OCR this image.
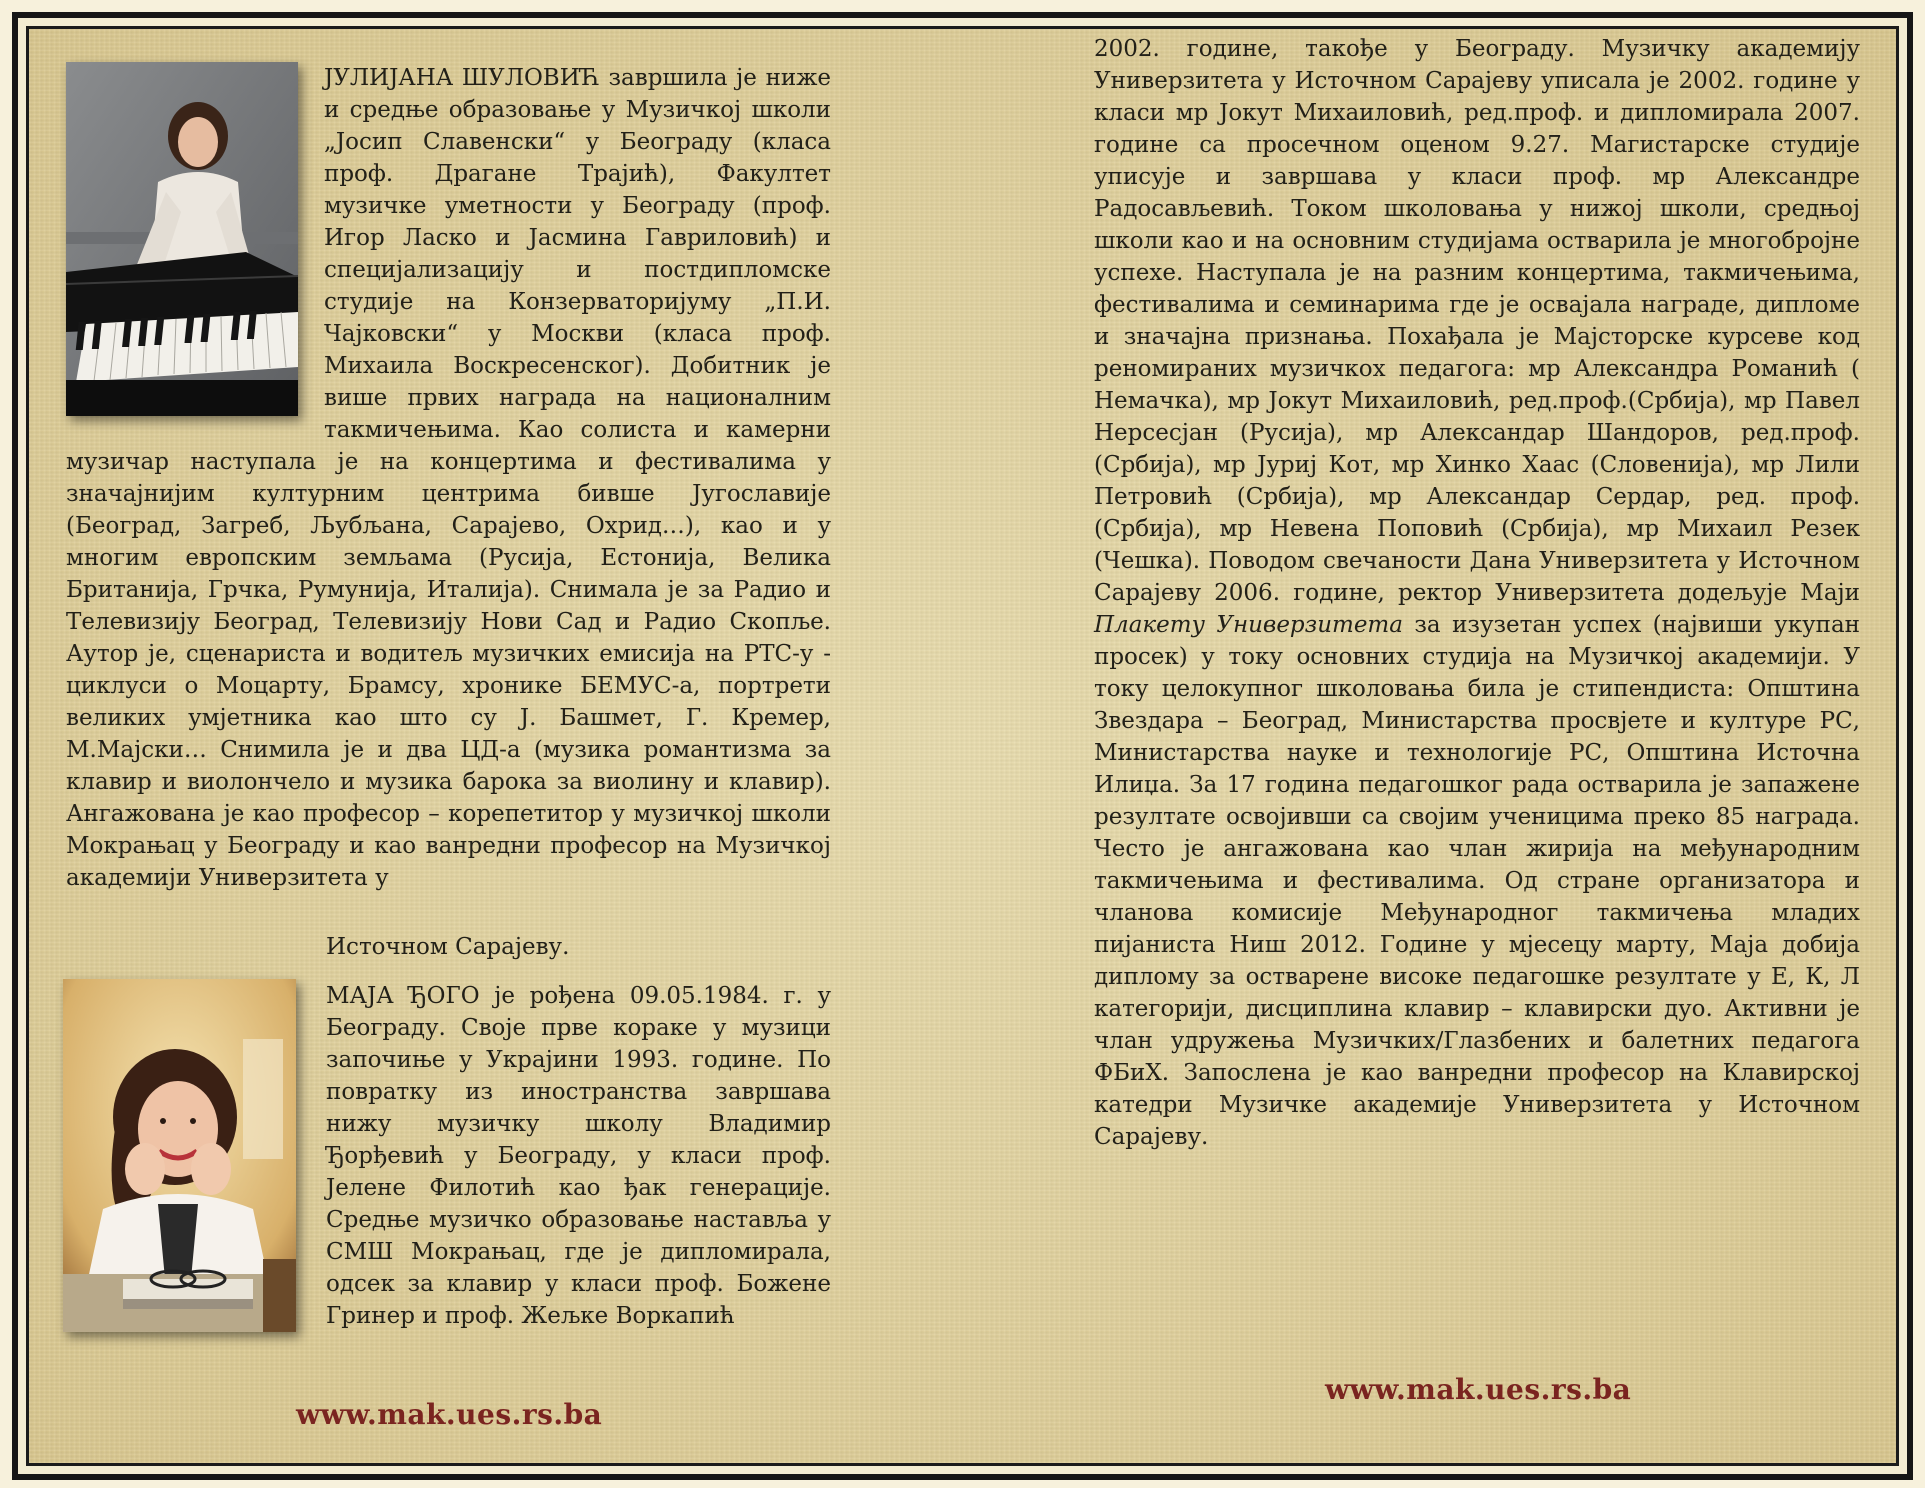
ЈУЛИЈАНА ШУЛОВИЋ завршила је ниже и средње образовање у Музичкој школи „Јосип Славенски“ у Београду (класа проф. Драгане Трајић), Факултет музичке уметности у Београду (проф. Игор Ласко и Јасмина Гавриловић) и специјализацију и постдипломске студије на Конзерваторијуму „П.И. Чајковски“ у Москви (класа проф. Михаила Воскресенског). Добитник је више првих награда на националним такмичењима. Као солиста и камерни музичар наступала је на концертима и фестивалима у значајнијим културним центрима бивше Југославије (Београд, Загреб, Љубљана, Сарајево, Охрид…), као и у многим европским земљама (Русија, Естонија, Велика Британија, Грчка, Румунија, Италија). Снимала је за Радио и Телевизију Београд, Телевизију Нови Сад и Радио Скопље. Аутор је, сценариста и водитељ музичких емисија на РТС-у - циклуси о Моцарту, Брамсу, хронике БЕМУС-а, портрети великих умјетника као што су Ј. Башмет, Г. Кремер, М.Мајски… Снимила је и два ЦД-а (музика романтизма за клавир и виолончело и музика барока за виолину и клавир). Ангажована је као професор – корепетитор у музичкој школи Мокрањац у Београду и као ванредни професор на Музичкој академији Универзитета у

Источном Сарајеву.

МАЈА ЂОГО је рођена 09.05.1984. г. у Београду. Своје прве кораке у музици започиње у Украјини 1993. године. По повратку из иностранства завршава нижу музичку школу Владимир Ђорђевић у Београду, у класи проф. Јелене Филотић као ђак генерације. Средње музичко образовање наставља у СМШ Мокрањац, где је дипломирала, одсек за клавир у класи проф. Божене Гринер и проф. Жељке Воркапић

www.mak.ues.rs.ba

2002. године, такође у Београду. Музичку академију Универзитета у Источном Сарајеву уписала је 2002. године у класи мр Јокут Михаиловић, ред.проф. и дипломирала 2007. године са просечном оценом 9.27. Магистарске студије уписује и завршава у класи проф. мр Александре Радосављевић. Током школовања у нижој школи, средњој школи као и на основним студијама остварила је многобројне успехе. Наступала је на разним концертима, такмичењима, фестивалима и семинарима где је освајала награде, дипломе и значајна признања. Похађала је Мајсторске курсеве код реномираних музичкох педагога: мр Александра Романић ( Немачка), мр Јокут Михаиловић, ред.проф.(Србија), мр Павел Нерсесјан (Русија), мр Александар Шандоров, ред.проф.(Србија), мр Јуриј Кот, мр Хинко Хаас (Словенија), мр Лили Петровић (Србија), мр Александар Сердар, ред. проф.(Србија), мр Невена Поповић (Србија), мр Михаил Резек (Чешка). Поводом свечаности Дана Универзитета у Источном Сарајеву 2006. године, ректор Универзитета додељује Маји Плакету Универзитета за изузетан успех (највиши укупан просек) у току основних студија на Музичкој академији. У току целокупног школовања била је стипендиста: Општина Звездара – Београд, Министарства просвјете и културе РС, Министарства науке и технологије РС, Општина Источна Илиџа. За 17 година педагошког рада остварила је запажене резултате освојивши са својим ученицима преко 85 награда. Често је ангажована као члан жирија на међународним такмичењима и фестивалима. Од стране организатора и чланова комисије Међународног такмичења младих пијаниста Ниш 2012. Године у мјесецу марту, Маја добија диплому за остварене високе педагошке резултате у Е, К, Л категорији, дисциплина клавир – клавирски дуо. Активни је члан удружења Музичких/Глазбених и балетних педагога ФБиХ. Запослена је као ванредни професор на Клавирској катедри Музичке академије Универзитета у Источном Сарајеву.

www.mak.ues.rs.ba
